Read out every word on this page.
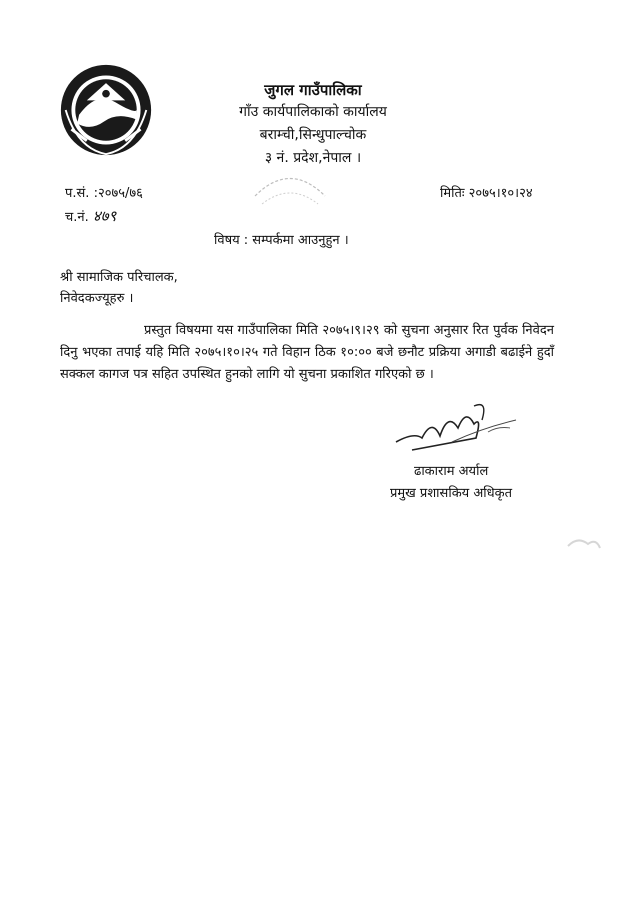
जुगल गाउँपालिका
गाँउ कार्यपालिकाको कार्यालय
बराम्ची,सिन्धुपाल्चोक
३ नं. प्रदेश,नेपाल ।
प.सं. :२०७५/७६
च.नं. ४७९
मितिः २०७५।१०।२४
विषय : सम्पर्कमा आउनुहुन ।
श्री सामाजिक परिचालक,
निवेदकज्यूहरु ।
प्रस्तुत विषयमा यस गाउँपालिका मिति २०७५।९।२९ को सुचना अनुसार रित पुर्वक निवेदन दिनु भएका तपाई यहि मिति २०७५।१०।२५ गते विहान ठिक १०:०० बजे छनौट प्रक्रिया अगाडी बढाईने हुदाँ सक्कल कागज पत्र सहित उपस्थित हुनको लागि यो सुचना प्रकाशित गरिएको छ ।
ढाकाराम अर्याल
प्रमुख प्रशासकिय अधिकृत
